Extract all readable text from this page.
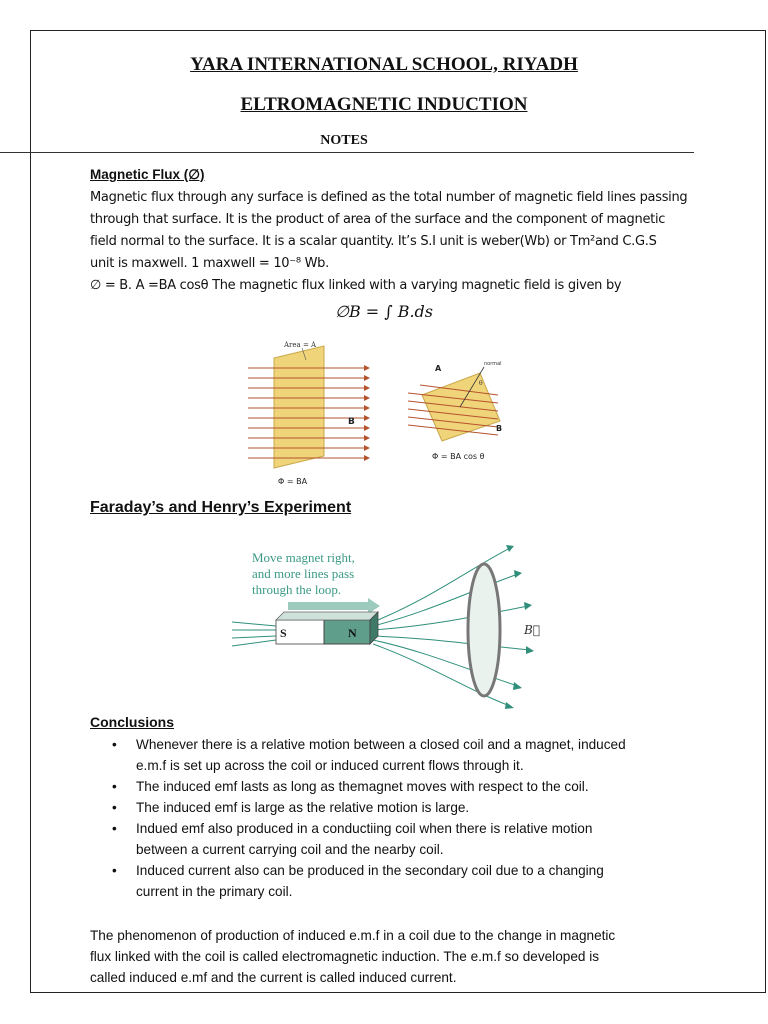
YARA INTERNATIONAL SCHOOL, RIYADH
ELTROMAGNETIC INDUCTION
NOTES
Magnetic Flux (∅)
Magnetic flux through any surface is defined as the total number of magnetic field lines passing
through that surface. It is the product of area of the surface and the component of magnetic
field normal to the surface. It is a scalar quantity. It’s S.I unit is weber(Wb) or Tm²and C.G.S
unit is maxwell. 1 maxwell = 10⁻⁸ Wb.
∅ = B. A =BA cosθ The magnetic flux linked with a varying magnetic field is given by
∅B = ∫ B.ds
Area = A
B
Φ = BA
A	normal
θ
B
Φ = BA cos θ
Faraday’s and Henry’s Experiment
Move magnet right,
and more lines pass
through the loop.
S	N	B⃗
Conclusions
• Whenever there is a relative motion between a closed coil and a magnet, induced
e.m.f is set up across the coil or induced current flows through it.
• The induced emf lasts as long as themagnet moves with respect to the coil.
• The induced emf is large as the relative motion is large.
• Indued emf also produced in a conductiing coil when there is relative motion
between a current carrying coil and the nearby coil.
• Induced current also can be produced in the secondary coil due to a changing
current in the primary coil.
The phenomenon of production of induced e.m.f in a coil due to the change in magnetic
flux linked with the coil is called electromagnetic induction. The e.m.f so developed is
called induced e.mf and the current is called induced current.
